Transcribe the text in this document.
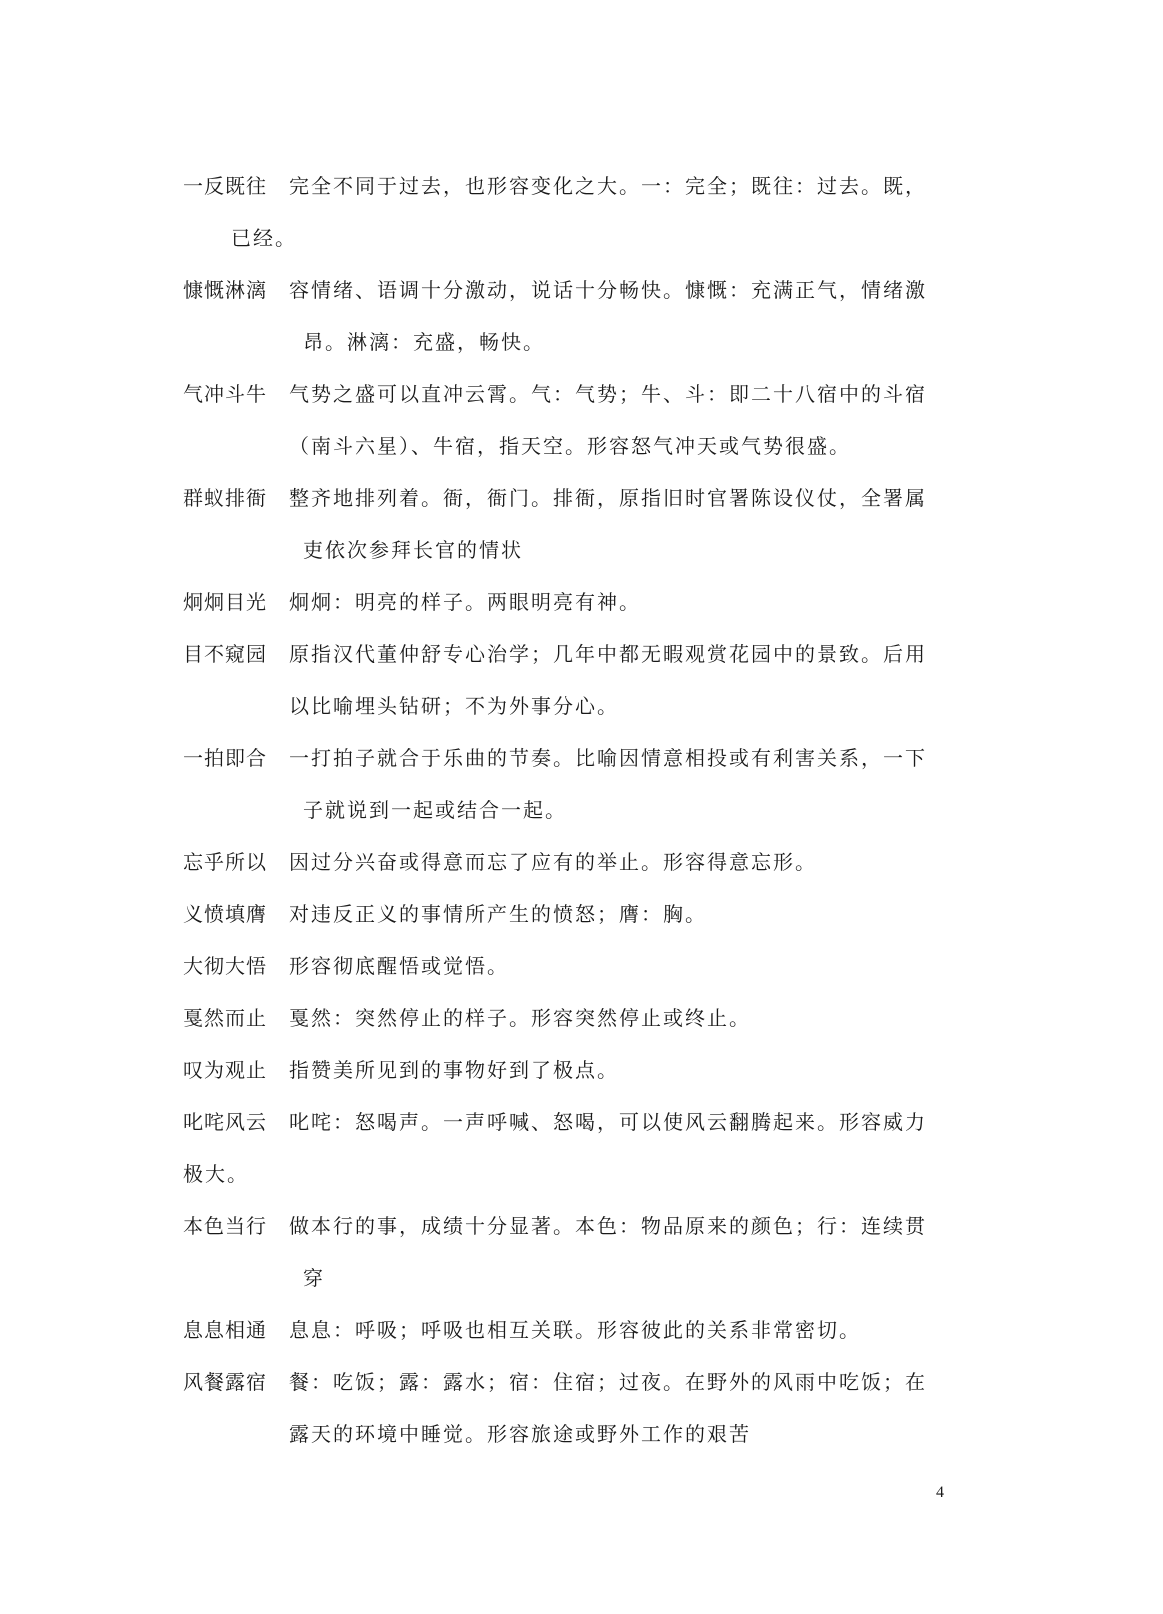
一反既往 完全不同于过去，也形容变化之大。一：完全；既往：过去。既，
已经。
慷慨淋漓 容情绪、语调十分激动，说话十分畅快。慷慨：充满正气，情绪激
昂。淋漓：充盛，畅快。
气冲斗牛 气势之盛可以直冲云霄。气：气势；牛、斗：即二十八宿中的斗宿
（南斗六星）、牛宿，指天空。形容怒气冲天或气势很盛。
群蚁排衙 整齐地排列着。衙，衙门。排衙，原指旧时官署陈设仪仗，全署属
吏依次参拜长官的情状
炯炯目光 炯炯：明亮的样子。两眼明亮有神。
目不窥园 原指汉代董仲舒专心治学；几年中都无暇观赏花园中的景致。后用
以比喻埋头钻研；不为外事分心。
一拍即合 一打拍子就合于乐曲的节奏。比喻因情意相投或有利害关系，一下
子就说到一起或结合一起。
忘乎所以 因过分兴奋或得意而忘了应有的举止。形容得意忘形。
义愤填膺 对违反正义的事情所产生的愤怒；膺：胸。
大彻大悟 形容彻底醒悟或觉悟。
戛然而止 戛然：突然停止的样子。形容突然停止或终止。
叹为观止 指赞美所见到的事物好到了极点。
叱咤风云 叱咤：怒喝声。一声呼喊、怒喝，可以使风云翻腾起来。形容威力
极大。
本色当行 做本行的事，成绩十分显著。本色：物品原来的颜色；行：连续贯
穿
息息相通 息息：呼吸；呼吸也相互关联。形容彼此的关系非常密切。
风餐露宿 餐：吃饭；露：露水；宿：住宿；过夜。在野外的风雨中吃饭；在
露天的环境中睡觉。形容旅途或野外工作的艰苦
4
